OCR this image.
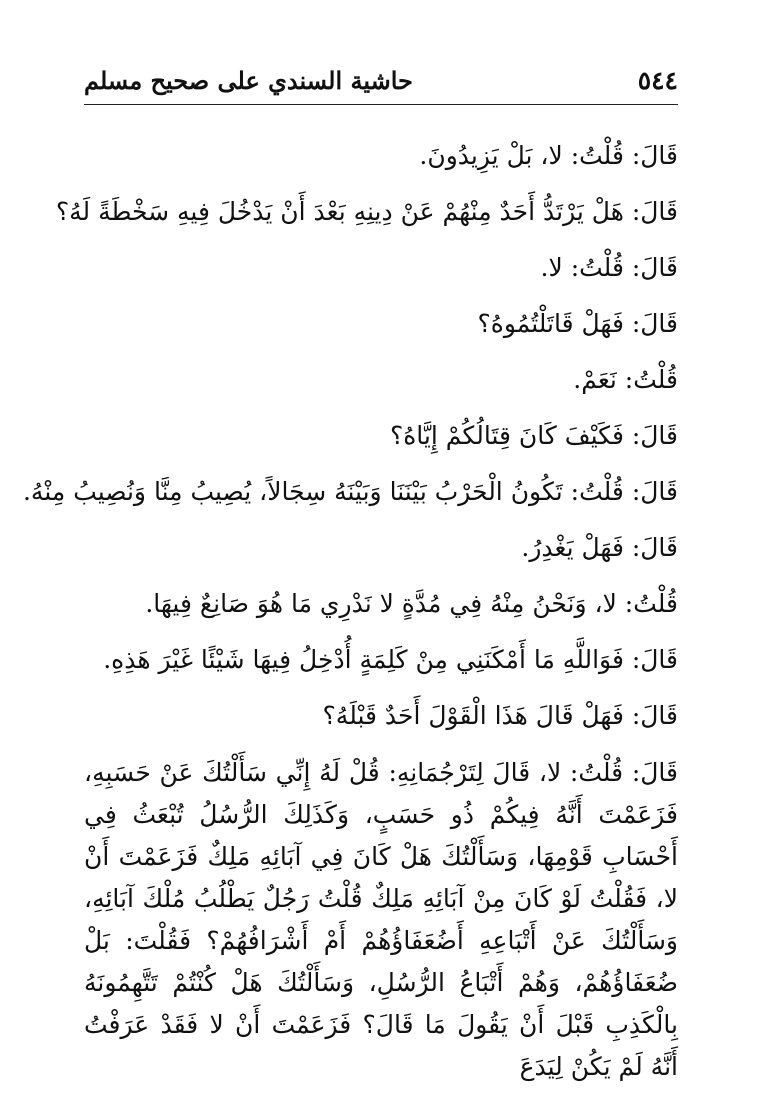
٥٤٤
حاشية السندي على صحيح مسلم
قَالَ: قُلْتُ: لا، بَلْ يَزِيدُونَ.
قَالَ: هَلْ يَرْتَدُّ أَحَدٌ مِنْهُمْ عَنْ دِينِهِ بَعْدَ أَنْ يَدْخُلَ فِيهِ سَخْطَةً لَهُ؟
قَالَ: قُلْتُ: لا.
قَالَ: فَهَلْ قَاتَلْتُمُوهُ؟
قُلْتُ: نَعَمْ.
قَالَ: فَكَيْفَ كَانَ قِتَالُكُمْ إِيَّاهُ؟
قَالَ: قُلْتُ: تَكُونُ الْحَرْبُ بَيْنَنَا وَبَيْنَهُ سِجَالاً، يُصِيبُ مِنَّا وَنُصِيبُ مِنْهُ.
قَالَ: فَهَلْ يَغْدِرُ.
قُلْتُ: لا، وَنَحْنُ مِنْهُ فِي مُدَّةٍ لا نَدْرِي مَا هُوَ صَانِعٌ فِيهَا.
قَالَ: فَوَاللَّهِ مَا أَمْكَنَنِي مِنْ كَلِمَةٍ أُدْخِلُ فِيهَا شَيْئًا غَيْرَ هَذِهِ.
قَالَ: فَهَلْ قَالَ هَذَا الْقَوْلَ أَحَدٌ قَبْلَهُ؟
قَالَ: قُلْتُ: لا، قَالَ لِتَرْجُمَانِهِ: قُلْ لَهُ إِنِّي سَأَلْتُكَ عَنْ حَسَبِهِ، فَزَعَمْتَ أَنَّهُ فِيكُمْ ذُو حَسَبٍ، وَكَذَلِكَ الرُّسُلُ تُبْعَثُ فِي أَحْسَابِ قَوْمِهَا، وَسَأَلْتُكَ هَلْ كَانَ فِي آبَائِهِ مَلِكٌ فَزَعَمْتَ أَنْ لا، فَقُلْتُ لَوْ كَانَ مِنْ آبَائِهِ مَلِكٌ قُلْتُ رَجُلٌ يَطْلُبُ مُلْكَ آبَائِهِ، وَسَأَلْتُكَ عَنْ أَتْبَاعِهِ أَضُعَفَاؤُهُمْ أَمْ أَشْرَافُهُمْ؟ فَقُلْتَ: بَلْ ضُعَفَاؤُهُمْ، وَهُمْ أَتْبَاعُ الرُّسُلِ، وَسَأَلْتُكَ هَلْ كُنْتُمْ تَتَّهِمُونَهُ بِالْكَذِبِ قَبْلَ أَنْ يَقُولَ مَا قَالَ؟ فَزَعَمْتَ أَنْ لا فَقَدْ عَرَفْتُ أَنَّهُ لَمْ يَكُنْ لِيَدَعَ
